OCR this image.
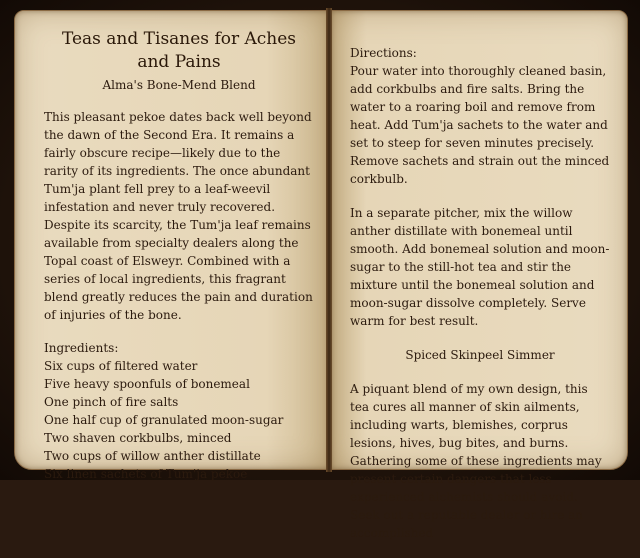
Teas and Tisanes for Aches and Pains
Alma's Bone-Mend Blend

This pleasant pekoe dates back well beyond the dawn of the Second Era. It remains a fairly obscure recipe—likely due to the rarity of its ingredients. The once abundant Tum'ja plant fell prey to a leaf-weevil infestation and never truly recovered. Despite its scarcity, the Tum'ja leaf remains available from specialty dealers along the Topal coast of Elsweyr. Combined with a series of local ingredients, this fragrant blend greatly reduces the pain and duration of injuries of the bone.

Ingredients:

Six cups of filtered water
Five heavy spoonfuls of bonemeal
One pinch of fire salts
One half cup of granulated moon-sugar
Two shaven corkbulbs, minced
Two cups of willow anther distillate
Six linen sachets of Tum'ja pekoe

Directions:

Pour water into thoroughly cleaned basin, add corkbulbs and fire salts. Bring the water to a roaring boil and remove from heat. Add Tum'ja sachets to the water and set to steep for seven minutes precisely. Remove sachets and strain out the minced corkbulb.

In a separate pitcher, mix the willow anther distillate with bonemeal until smooth. Add bonemeal solution and moon-sugar to the still-hot tea and stir the mixture until the bonemeal solution and moon-sugar dissolve completely. Serve warm for best result.

Spiced Skinpeel Simmer

A piquant blend of my own design, this tea cures all manner of skin ailments, including warts, blemishes, corprus lesions, hives, bug bites, and burns. Gathering some of these ingredients may present certain dangers that less experienced alchemists should avoid. Seek out a reputable dealer or hire an accomplished
